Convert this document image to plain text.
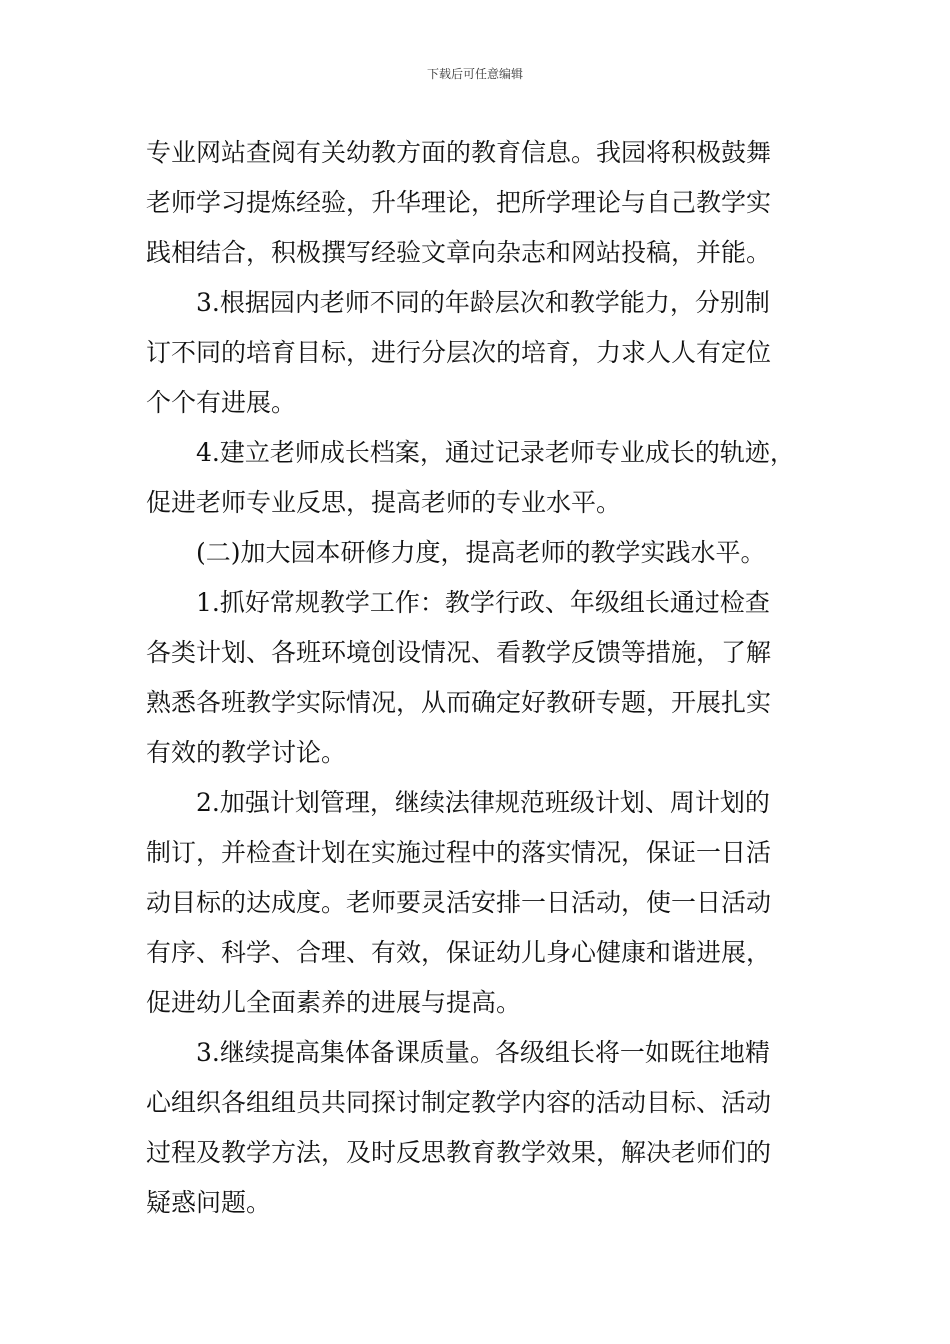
下载后可任意编辑
专业网站查阅有关幼教方面的教育信息。我园将积极鼓舞
老师学习提炼经验，升华理论，把所学理论与自己教学实
践相结合，积极撰写经验文章向杂志和网站投稿，并能。
3.根据园内老师不同的年龄层次和教学能力，分别制
订不同的培育目标，进行分层次的培育，力求人人有定位
个个有进展。
4.建立老师成长档案，通过记录老师专业成长的轨迹，
促进老师专业反思，提高老师的专业水平。
(二)加大园本研修力度，提高老师的教学实践水平。
1.抓好常规教学工作：教学行政、年级组长通过检查
各类计划、各班环境创设情况、看教学反馈等措施，了解
熟悉各班教学实际情况，从而确定好教研专题，开展扎实
有效的教学讨论。
2.加强计划管理，继续法律规范班级计划、周计划的
制订，并检查计划在实施过程中的落实情况，保证一日活
动目标的达成度。老师要灵活安排一日活动，使一日活动
有序、科学、合理、有效，保证幼儿身心健康和谐进展，
促进幼儿全面素养的进展与提高。
3.继续提高集体备课质量。各级组长将一如既往地精
心组织各组组员共同探讨制定教学内容的活动目标、活动
过程及教学方法，及时反思教育教学效果，解决老师们的
疑惑问题。
